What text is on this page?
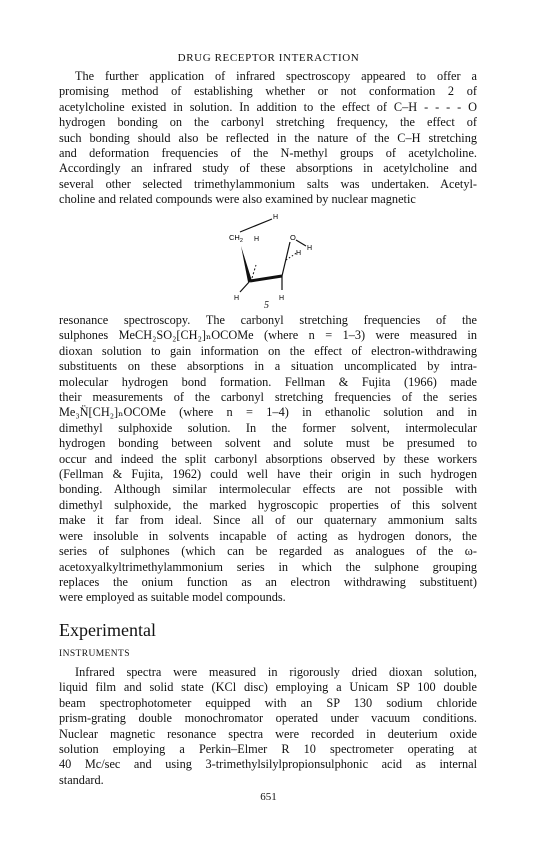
DRUG RECEPTOR INTERACTION
The further application of infrared spectroscopy appeared to offer a
promising method of establishing whether or not conformation 2 of
acetylcholine existed in solution. In addition to the effect of C–H - - - - O
hydrogen bonding on the carbonyl stretching frequency, the effect of
such bonding should also be reflected in the nature of the C–H stretching
and deformation frequencies of the N-methyl groups of acetylcholine.
Accordingly an infrared study of these absorptions in acetylcholine and
several other selected trimethylammonium salts was undertaken. Acetyl-
choline and related compounds were also examined by nuclear magnetic
H
$CH_2$ H	O
H
H
H	H
5
resonance spectroscopy. The carbonyl stretching frequencies of the
sulphones MeCH₂SO₂[CH₂]ₙOCOMe (where n = 1–3) were measured in
dioxan solution to gain information on the effect of electron-withdrawing
substituents on these absorptions in a situation uncomplicated by intra-
molecular hydrogen bond formation. Fellman & Fujita (1966) made
their measurements of the carbonyl stretching frequencies of the series
Me₃N̈[CH₂]ₙOCOMe (where n = 1–4) in ethanolic solution and in
dimethyl sulphoxide solution. In the former solvent, intermolecular
hydrogen bonding between solvent and solute must be presumed to
occur and indeed the split carbonyl absorptions observed by these workers
(Fellman & Fujita, 1962) could well have their origin in such hydrogen
bonding. Although similar intermolecular effects are not possible with
dimethyl sulphoxide, the marked hygroscopic properties of this solvent
make it far from ideal. Since all of our quaternary ammonium salts
were insoluble in solvents incapable of acting as hydrogen donors, the
series of sulphones (which can be regarded as analogues of the ω-
acetoxyalkyltrimethylammonium series in which the sulphone grouping
replaces the onium function as an electron withdrawing substituent)
were employed as suitable model compounds.
Experimental
INSTRUMENTS
Infrared spectra were measured in rigorously dried dioxan solution,
liquid film and solid state (KCl disc) employing a Unicam SP 100 double
beam spectrophotometer equipped with an SP 130 sodium chloride
prism-grating double monochromator operated under vacuum conditions.
Nuclear magnetic resonance spectra were recorded in deuterium oxide
solution employing a Perkin–Elmer R 10 spectrometer operating at
40 Mc/sec and using 3-trimethylsilylpropionsulphonic acid as internal
standard.
651
